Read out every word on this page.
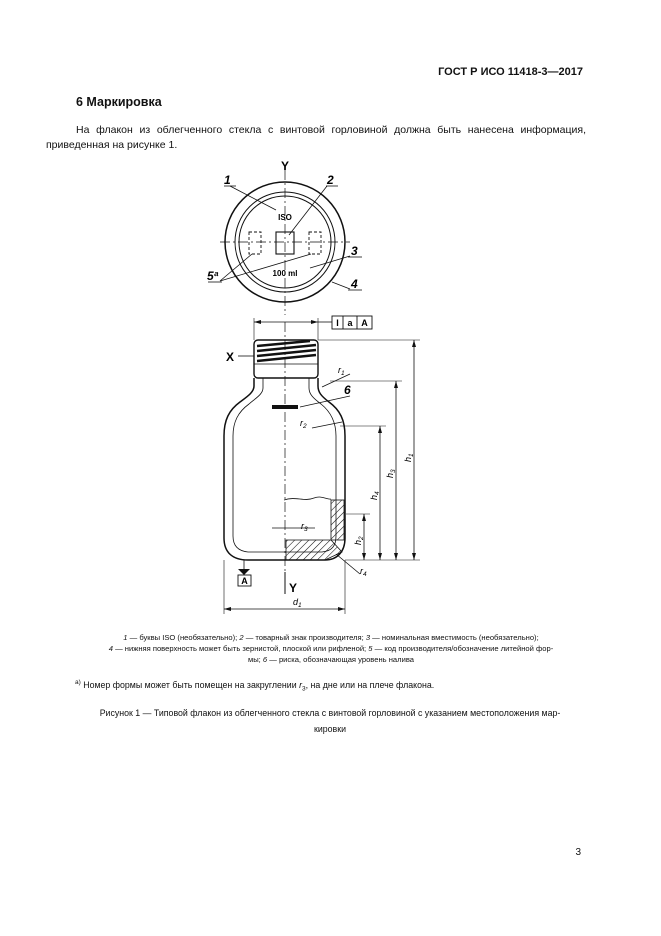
ГОСТ Р ИСО 11418-3—2017
6 Маркировка
На флакон из облегченного стекла с винтовой горловиной должна быть нанесена информация,
приведенная на рисунке 1.
Y
ISO
100 ml
1	2
3
4
5ª
X
Y
A
I a A
6
$r_1$
$r_2$
$r_3$
$r_4$
$d_1$
$h_1$
$h_3$
$h_4$
$h_2$
1 — буквы ISO (необязательно); 2 — товарный знак производителя; 3 — номинальная вместимость (необязательно);
4 — нижняя поверхность может быть зернистой, плоской или рифленой; 5 — код производителя/обозначение литейной фор-
мы; 6 — риска, обозначающая уровень налива
$^{a)}$ Номер формы может быть помещен на закруглении $r_3$, на дне или на плече флакона.
Рисунок 1 — Типовой флакон из облегченного стекла с винтовой горловиной с указанием местоположения мар-
кировки
3
